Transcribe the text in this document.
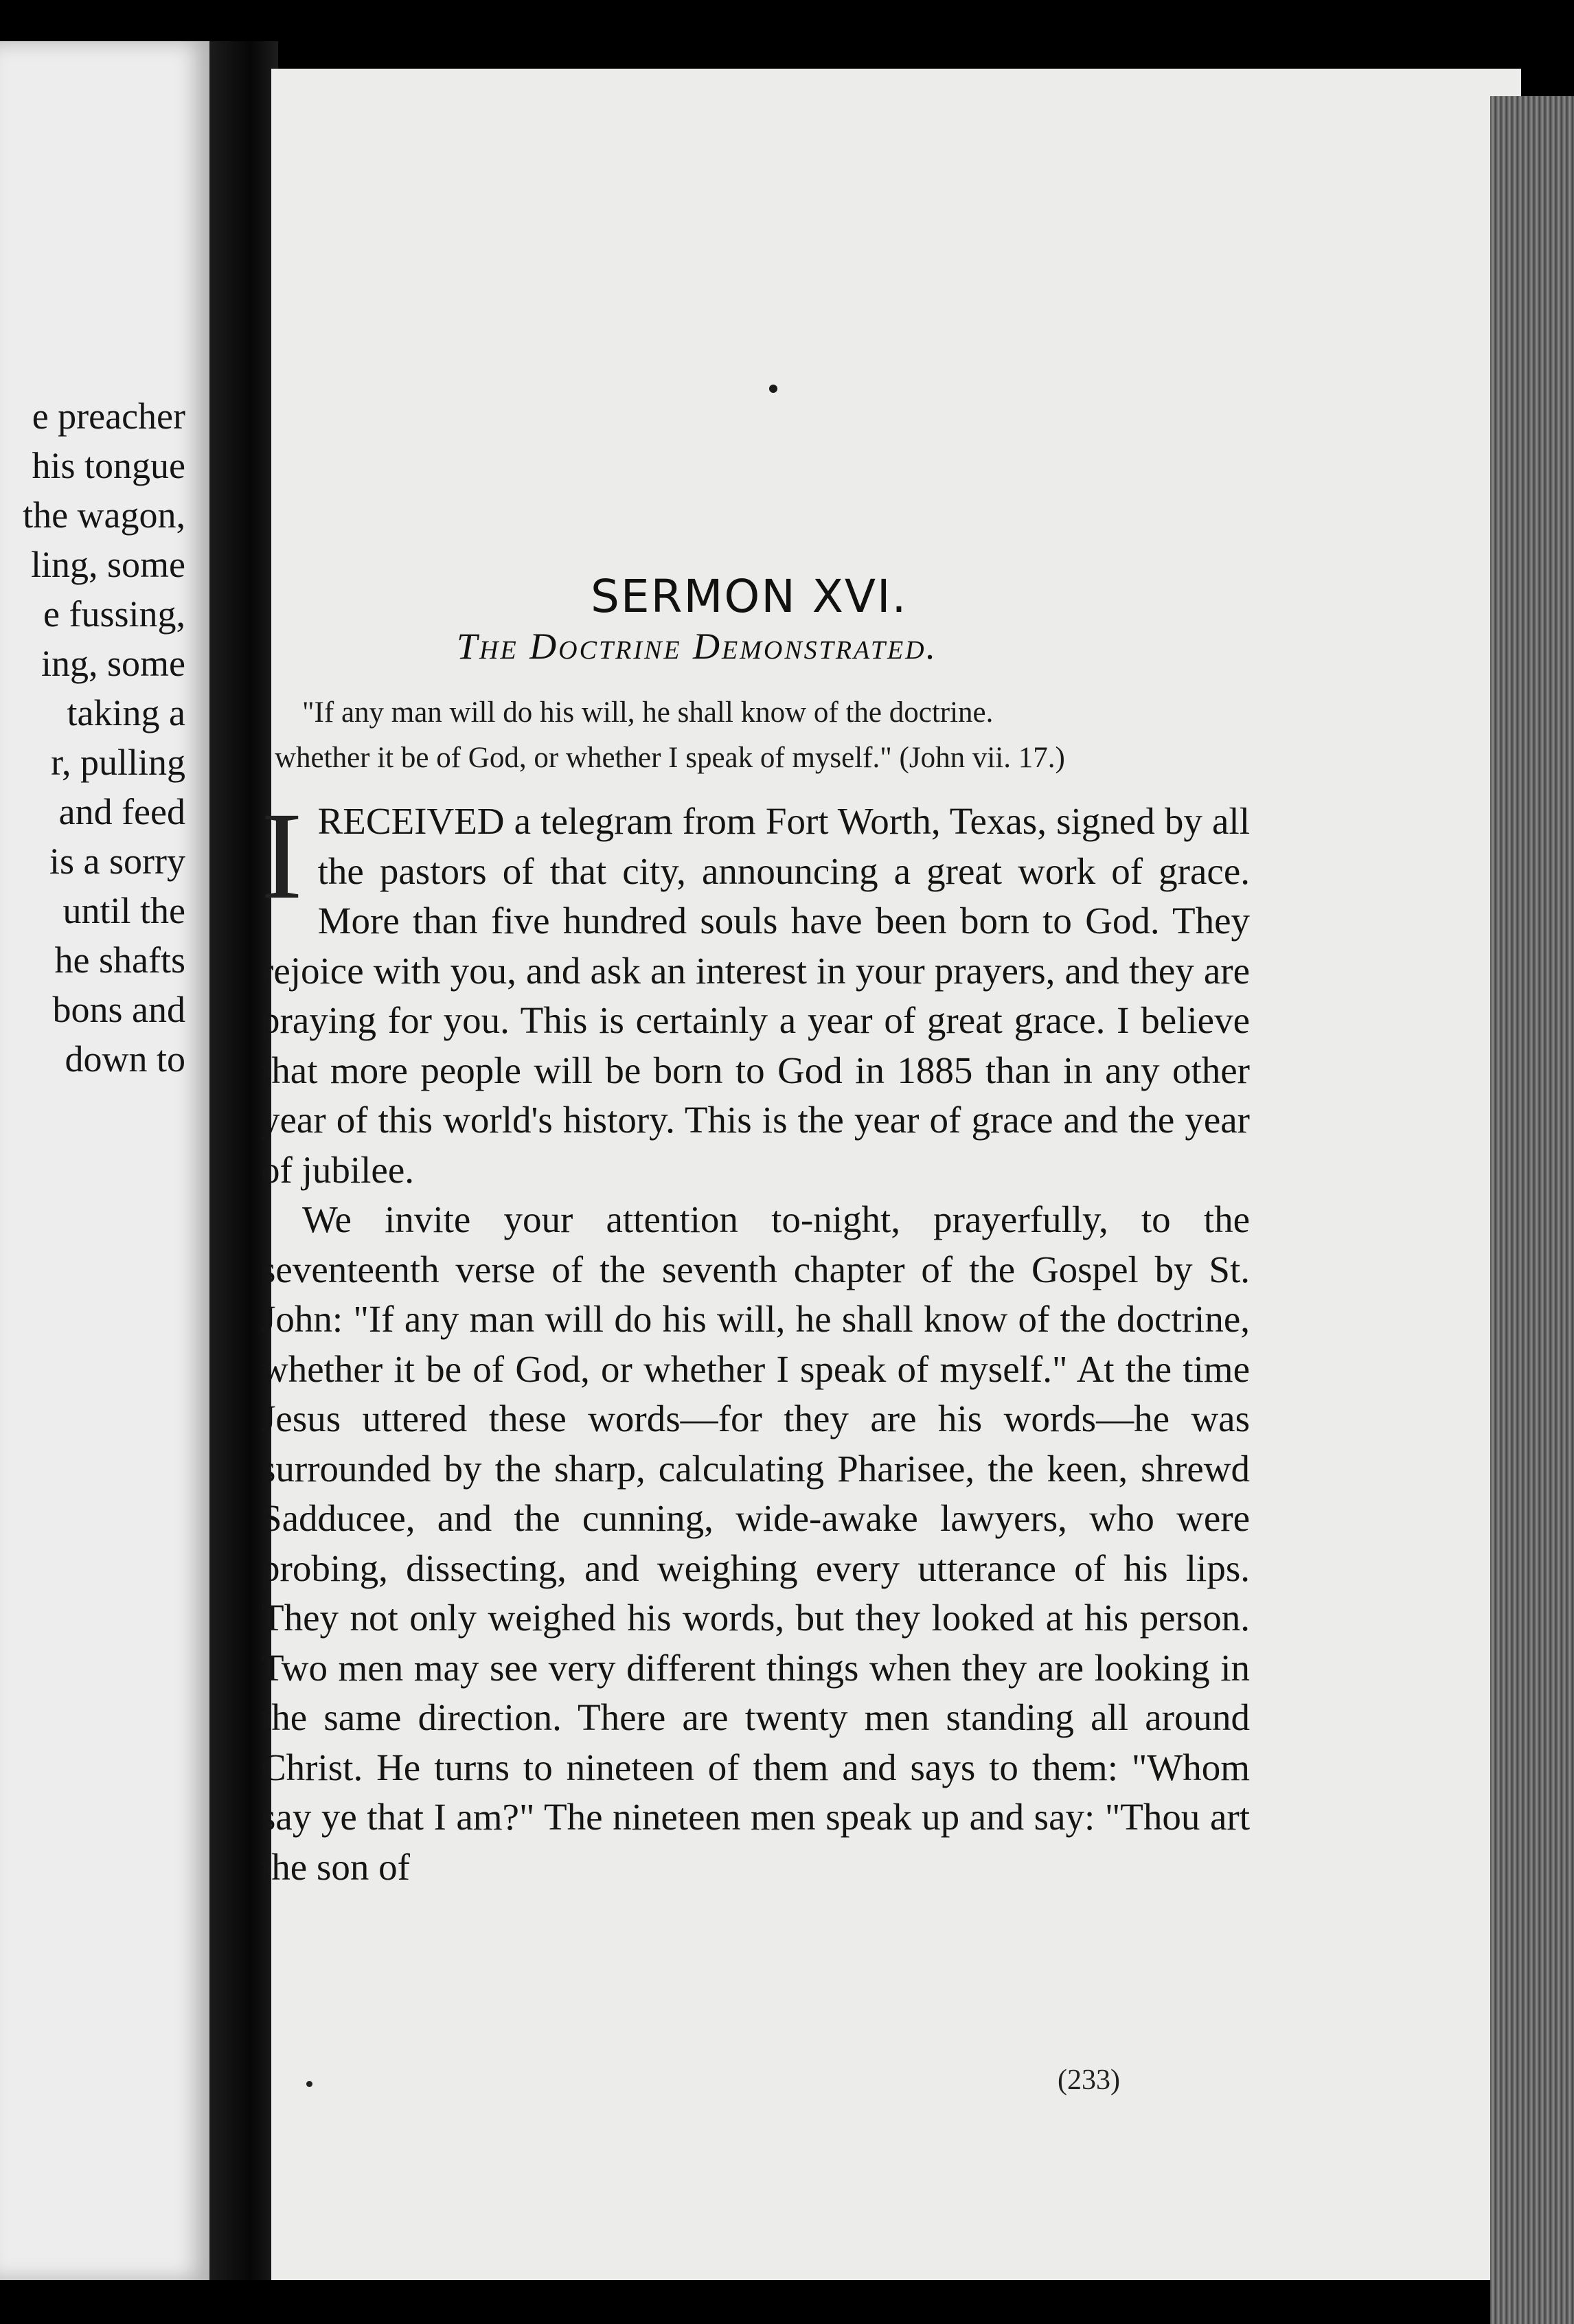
e preacher
his tongue
the wagon,
ling, some
e fussing,
ing, some
taking a
r, pulling
and feed
is a sorry
until the
he shafts
bons and
down to
SERMON XVI.
The Doctrine Demonstrated.
"If any man will do his will, he shall know of the doctrine.
whether it be of God, or whether I speak of myself." (John vii. 17.)

I RECEIVED a telegram from Fort Worth, Texas, signed by all the pastors of that city, announcing a great work of grace. More than five hundred souls have been born to God. They rejoice with you, and ask an interest in your prayers, and they are praying for you. This is certainly a year of great grace. I believe that more people will be born to God in 1885 than in any other year of this world's history. This is the year of grace and the year of jubilee.

We invite your attention to-night, prayerfully, to the seventeenth verse of the seventh chapter of the Gospel by St. John: "If any man will do his will, he shall know of the doctrine, whether it be of God, or whether I speak of myself." At the time Jesus uttered these words—for they are his words—he was surrounded by the sharp, calculating Pharisee, the keen, shrewd Sadducee, and the cunning, wide-awake lawyers, who were probing, dissecting, and weighing every utterance of his lips. They not only weighed his words, but they looked at his person. Two men may see very different things when they are looking in the same direction. There are twenty men standing all around Christ. He turns to nineteen of them and says to them: "Whom say ye that I am?" The nineteen men speak up and say: "Thou art the son of

(233)
